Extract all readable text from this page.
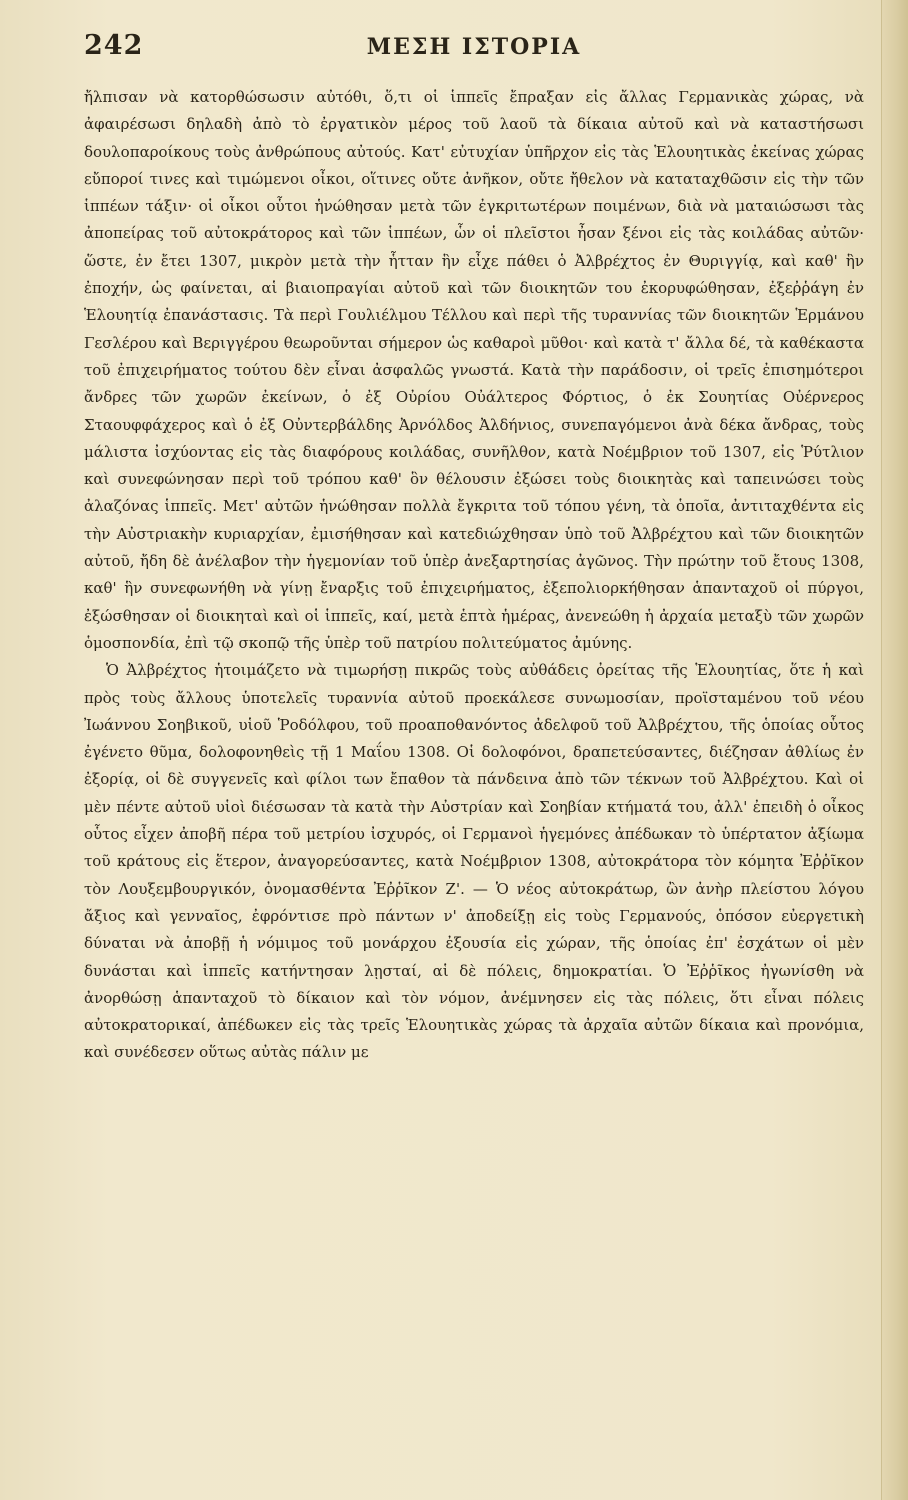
242	ΜΕΣΗ ΙΣΤΟΡΙΑ

ἤλπισαν νὰ κατορθώσωσιν αὐτόθι, ὅ,τι οἱ ἱππεῖς ἔπραξαν εἰς ἄλλας Γερμανικὰς χώρας, νὰ ἀφαιρέσωσι δηλαδὴ ἀπὸ τὸ ἐργατικὸν μέρος τοῦ λαοῦ τὰ δίκαια αὐτοῦ καὶ νὰ καταστήσωσι δουλοπαροίκους τοὺς ἀνθρώπους αὐτούς. Κατ' εὐτυχίαν ὑπῆρχον εἰς τὰς Ἑλουητικὰς ἐκείνας χώρας εὔποροί τινες καὶ τιμώμενοι οἶκοι, οἵτινες οὔτε ἀνῆκον, οὔτε ἤθελον νὰ καταταχθῶσιν εἰς τὴν τῶν ἱππέων τάξιν· οἱ οἶκοι οὗτοι ἡνώθησαν μετὰ τῶν ἐγκριτωτέρων ποιμένων, διὰ νὰ ματαιώσωσι τὰς ἀποπείρας τοῦ αὐτοκράτορος καὶ τῶν ἱππέων, ὧν οἱ πλεῖστοι ἦσαν ξένοι εἰς τὰς κοιλάδας αὐτῶν· ὥστε, ἐν ἔτει 1307, μικρὸν μετὰ τὴν ἧτταν ἣν εἶχε πάθει ὁ Ἀλβρέχτος ἐν Θυριγγίᾳ, καὶ καθ' ἣν ἐποχήν, ὡς φαίνεται, αἱ βιαιοπραγίαι αὐτοῦ καὶ τῶν διοικητῶν του ἐκορυφώθησαν, ἐξεῤῥάγη ἐν Ἑλουητίᾳ ἐπανάστασις. Τὰ περὶ Γουλιέλμου Τέλλου καὶ περὶ τῆς τυραννίας τῶν διοικητῶν Ἑρμάνου Γεσλέρου καὶ Βεριγγέρου θεωροῦνται σήμερον ὡς καθαροὶ μῦθοι· καὶ κατὰ τ' ἄλλα δέ, τὰ καθέκαστα τοῦ ἐπιχειρήματος τούτου δὲν εἶναι ἀσφαλῶς γνωστά. Κατὰ τὴν παράδοσιν, οἱ τρεῖς ἐπισημότεροι ἄνδρες τῶν χωρῶν ἐκείνων, ὁ ἐξ Οὐρίου Οὐάλτερος Φόρτιος, ὁ ἐκ Σουητίας Οὐέρνερος Σταουφφάχερος καὶ ὁ ἐξ Οὐντερβάλδης Ἀρνόλδος Ἀλδήνιος, συνεπαγόμενοι ἀνὰ δέκα ἄνδρας, τοὺς μάλιστα ἰσχύοντας εἰς τὰς διαφόρους κοιλάδας, συνῆλθον, κατὰ Νοέμβριον τοῦ 1307, εἰς Ῥύτλιον καὶ συνεφώνησαν περὶ τοῦ τρόπου καθ' ὃν θέλουσιν ἐξώσει τοὺς διοικητὰς καὶ ταπεινώσει τοὺς ἀλαζόνας ἱππεῖς. Μετ' αὐτῶν ἡνώθησαν πολλὰ ἔγκριτα τοῦ τόπου γένη, τὰ ὁποῖα, ἀντιταχθέντα εἰς τὴν Αὐστριακὴν κυριαρχίαν, ἐμισήθησαν καὶ κατεδιώχθησαν ὑπὸ τοῦ Ἀλβρέχτου καὶ τῶν διοικητῶν αὐτοῦ, ἤδη δὲ ἀνέλαβον τὴν ἡγεμονίαν τοῦ ὑπὲρ ἀνεξαρτησίας ἀγῶνος. Τὴν πρώτην τοῦ ἔτους 1308, καθ' ἣν συνεφωνήθη νὰ γίνῃ ἔναρξις τοῦ ἐπιχειρήματος, ἐξεπολιορκήθησαν ἁπανταχοῦ οἱ πύργοι, ἐξώσθησαν οἱ διοικηταὶ καὶ οἱ ἱππεῖς, καί, μετὰ ἑπτὰ ἡμέρας, ἀνενεώθη ἡ ἀρχαία μεταξὺ τῶν χωρῶν ὁμοσπονδία, ἐπὶ τῷ σκοπῷ τῆς ὑπὲρ τοῦ πατρίου πολιτεύματος ἀμύνης.

Ὁ Ἀλβρέχτος ἡτοιμάζετο νὰ τιμωρήσῃ πικρῶς τοὺς αὐθάδεις ὀρείτας τῆς Ἑλουητίας, ὅτε ἡ καὶ πρὸς τοὺς ἄλλους ὑποτελεῖς τυραννία αὐτοῦ προεκάλεσε συνωμοσίαν, προϊσταμένου τοῦ νέου Ἰωάννου Σοηβικοῦ, υἱοῦ Ῥοδόλφου, τοῦ προαποθανόντος ἀδελφοῦ τοῦ Ἀλβρέχτου, τῆς ὁποίας οὗτος ἐγένετο θῦμα, δολοφονηθεὶς τῇ 1 Μαΐου 1308. Οἱ δολοφόνοι, δραπετεύσαντες, διέζησαν ἀθλίως ἐν ἐξορίᾳ, οἱ δὲ συγγενεῖς καὶ φίλοι των ἔπαθον τὰ πάνδεινα ἀπὸ τῶν τέκνων τοῦ Ἀλβρέχτου. Καὶ οἱ μὲν πέντε αὐτοῦ υἱοὶ διέσωσαν τὰ κατὰ τὴν Αὐστρίαν καὶ Σοηβίαν κτήματά του, ἀλλ' ἐπειδὴ ὁ οἶκος οὗτος εἶχεν ἀποβῆ πέρα τοῦ μετρίου ἰσχυρός, οἱ Γερμανοὶ ἡγεμόνες ἀπέδωκαν τὸ ὑπέρτατον ἀξίωμα τοῦ κράτους εἰς ἕτερον, ἀναγορεύσαντες, κατὰ Νοέμβριον 1308, αὐτοκράτορα τὸν κόμητα Ἐῤῥῖκον τὸν Λουξεμβουργικόν, ὀνομασθέντα Ἐῤῥῖκον Ζ'. — Ὁ νέος αὐτοκράτωρ, ὢν ἀνὴρ πλείστου λόγου ἄξιος καὶ γενναῖος, ἐφρόντισε πρὸ πάντων ν' ἀποδείξῃ εἰς τοὺς Γερμανούς, ὁπόσον εὐεργετικὴ δύναται νὰ ἀποβῇ ἡ νόμιμος τοῦ μονάρχου ἐξουσία εἰς χώραν, τῆς ὁποίας ἐπ' ἐσχάτων οἱ μὲν δυνάσται καὶ ἱππεῖς κατήντησαν λῃσταί, αἱ δὲ πόλεις, δημοκρατίαι. Ὁ Ἐῤῥῖκος ἠγωνίσθη νὰ ἀνορθώσῃ ἁπανταχοῦ τὸ δίκαιον καὶ τὸν νόμον, ἀνέμνησεν εἰς τὰς πόλεις, ὅτι εἶναι πόλεις αὐτοκρατορικαί, ἀπέδωκεν εἰς τὰς τρεῖς Ἑλουητικὰς χώρας τὰ ἀρχαῖα αὐτῶν δίκαια καὶ προνόμια, καὶ συνέδεσεν οὕτως αὐτὰς πάλιν με
